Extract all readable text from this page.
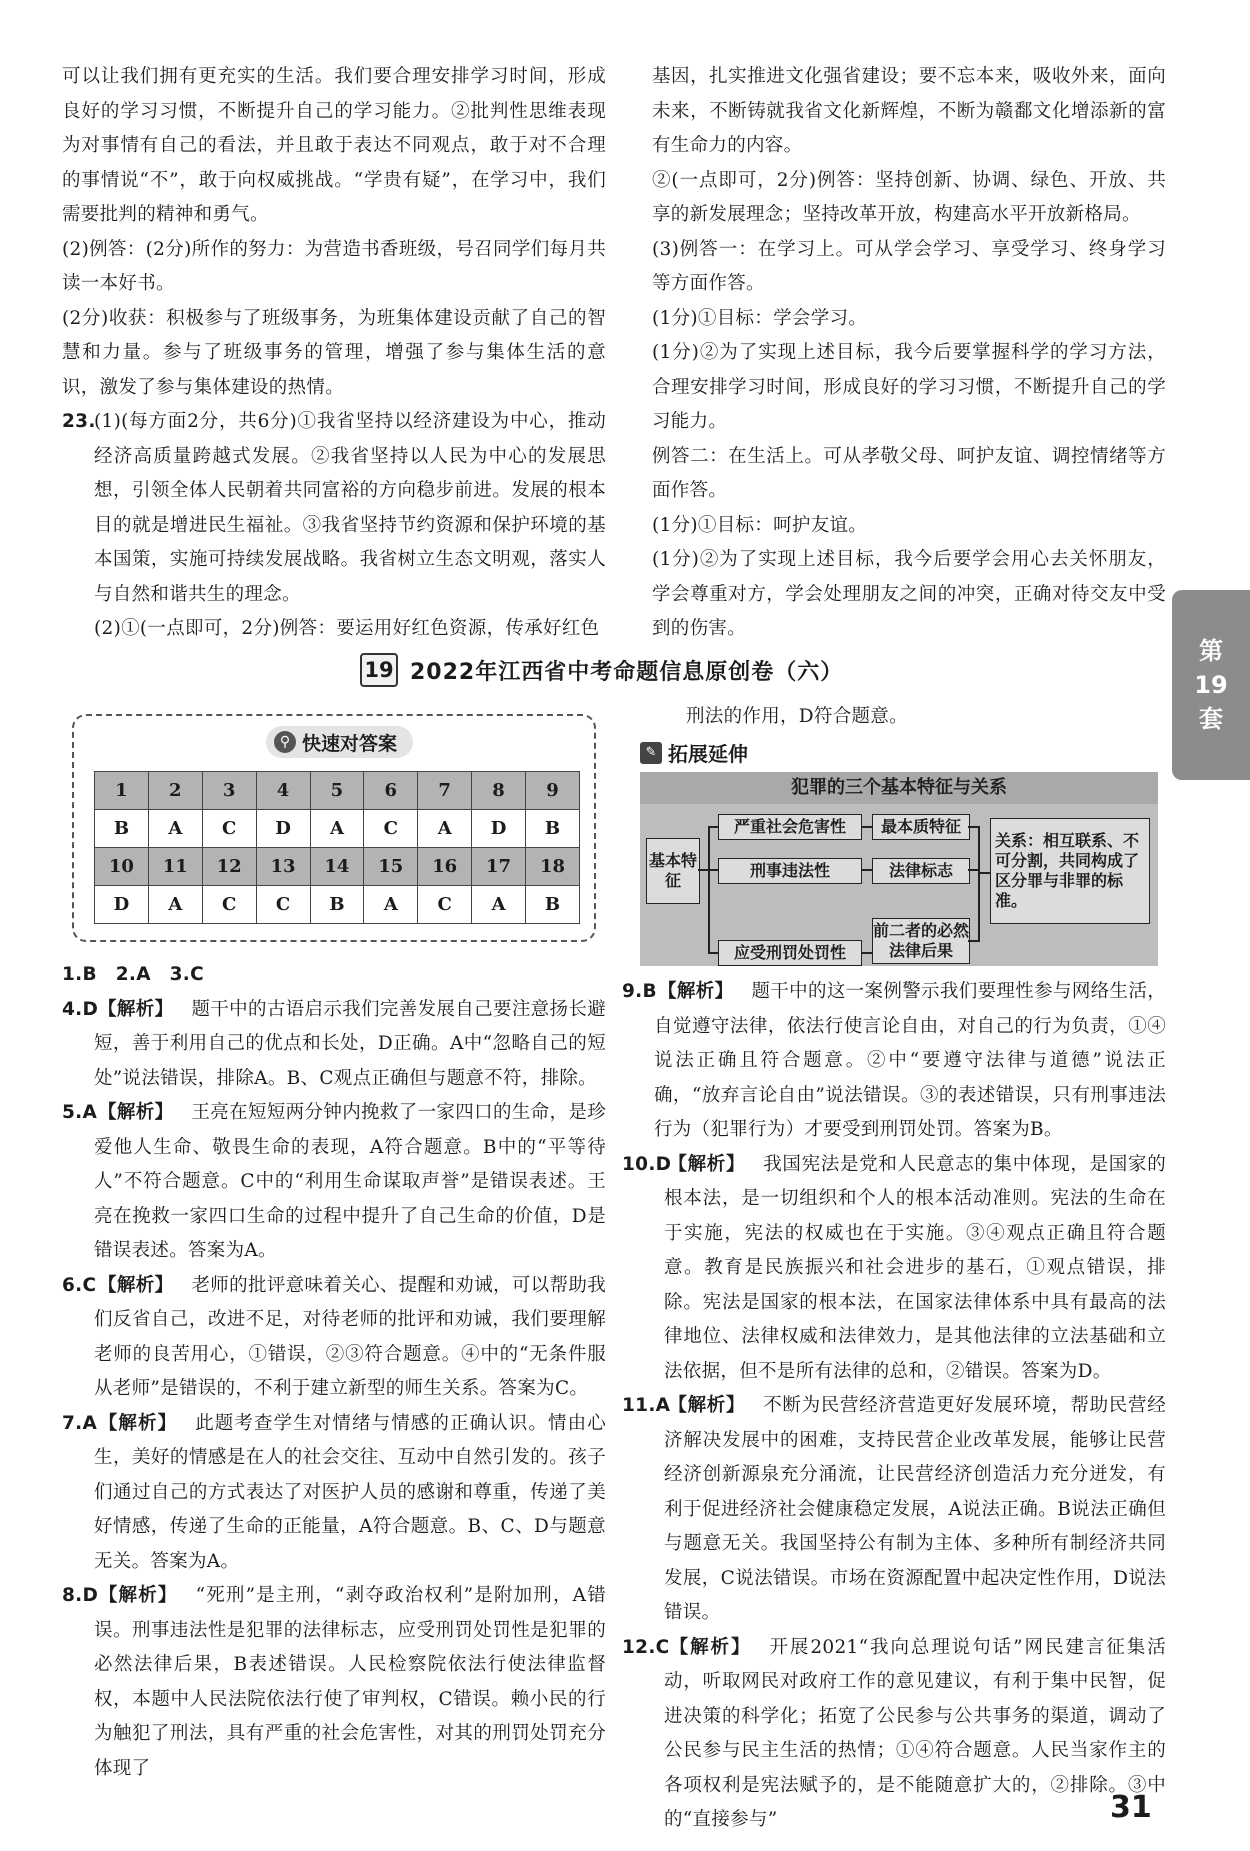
可以让我们拥有更充实的生活。我们要合理安排学习时间，形成良好的学习习惯，不断提升自己的学习能力。②批判性思维表现为对事情有自己的看法，并且敢于表达不同观点，敢于对不合理的事情说“不”，敢于向权威挑战。“学贵有疑”，在学习中，我们需要批判的精神和勇气。

(2)例答：(2分)所作的努力：为营造书香班级，号召同学们每月共读一本好书。

(2分)收获：积极参与了班级事务，为班集体建设贡献了自己的智慧和力量。参与了班级事务的管理，增强了参与集体生活的意识，激发了参与集体建设的热情。

23.(1)(每方面2分，共6分)①我省坚持以经济建设为中心，推动经济高质量跨越式发展。②我省坚持以人民为中心的发展思想，引领全体人民朝着共同富裕的方向稳步前进。发展的根本目的就是增进民生福祉。③我省坚持节约资源和保护环境的基本国策，实施可持续发展战略。我省树立生态文明观，落实人与自然和谐共生的理念。

(2)①(一点即可，2分)例答：要运用好红色资源，传承好红色

基因，扎实推进文化强省建设；要不忘本来，吸收外来，面向未来，不断铸就我省文化新辉煌，不断为赣鄱文化增添新的富有生命力的内容。

②(一点即可，2分)例答：坚持创新、协调、绿色、开放、共享的新发展理念；坚持改革开放，构建高水平开放新格局。

(3)例答一：在学习上。可从学会学习、享受学习、终身学习等方面作答。

(1分)①目标：学会学习。

(1分)②为了实现上述目标，我今后要掌握科学的学习方法，合理安排学习时间，形成良好的学习习惯，不断提升自己的学习能力。

例答二：在生活上。可从孝敬父母、呵护友谊、调控情绪等方面作答。

(1分)①目标：呵护友谊。

(1分)②为了实现上述目标，我今后要学会用心去关怀朋友，学会尊重对方，学会处理朋友之间的冲突，正确对待交友中受到的伤害。

19 2022年江西省中考命题信息原创卷（六）
第
19
套
⚲ 快速对答案
1	2	3	4	5	6	7	8	9
B	A	C	D	A	C	A	D	B
10	11	12	13	14	15	16	17	18
D	A	C	C	B	A	C	A	B

1.B　2.A　3.C

4.D【解析】 题干中的古语启示我们完善发展自己要注意扬长避短，善于利用自己的优点和长处，D正确。A中“忽略自己的短处”说法错误，排除A。B、C观点正确但与题意不符，排除。

5.A【解析】 王亮在短短两分钟内挽救了一家四口的生命，是珍爱他人生命、敬畏生命的表现，A符合题意。B中的“平等待人”不符合题意。C中的“利用生命谋取声誉”是错误表述。王亮在挽救一家四口生命的过程中提升了自己生命的价值，D是错误表述。答案为A。

6.C【解析】 老师的批评意味着关心、提醒和劝诫，可以帮助我们反省自己，改进不足，对待老师的批评和劝诫，我们要理解老师的良苦用心，①错误，②③符合题意。④中的“无条件服从老师”是错误的，不利于建立新型的师生关系。答案为C。

7.A【解析】 此题考查学生对情绪与情感的正确认识。情由心生，美好的情感是在人的社会交往、互动中自然引发的。孩子们通过自己的方式表达了对医护人员的感谢和尊重，传递了美好情感，传递了生命的正能量，A符合题意。B、C、D与题意无关。答案为A。

8.D【解析】 “死刑”是主刑，“剥夺政治权利”是附加刑，A错误。刑事违法性是犯罪的法律标志，应受刑罚处罚性是犯罪的必然法律后果，B表述错误。人民检察院依法行使法律监督权，本题中人民法院依法行使了审判权，C错误。赖小民的行为触犯了刑法，具有严重的社会危害性，对其的刑罚处罚充分体现了

刑法的作用，D符合题意。

✎ 拓展延伸
犯罪的三个基本特征与关系
基本特征
严重社会危害性
刑事违法性
应受刑罚处罚性
最本质特征
法律标志
前二者的必然法律后果
关系：相互联系、不可分割，共同构成了区分罪与非罪的标准。

9.B【解析】 题干中的这一案例警示我们要理性参与网络生活，自觉遵守法律，依法行使言论自由，对自己的行为负责，①④说法正确且符合题意。②中“要遵守法律与道德”说法正确，“放弃言论自由”说法错误。③的表述错误，只有刑事违法行为（犯罪行为）才要受到刑罚处罚。答案为B。

10.D【解析】 我国宪法是党和人民意志的集中体现，是国家的根本法，是一切组织和个人的根本活动准则。宪法的生命在于实施，宪法的权威也在于实施。③④观点正确且符合题意。教育是民族振兴和社会进步的基石，①观点错误，排除。宪法是国家的根本法，在国家法律体系中具有最高的法律地位、法律权威和法律效力，是其他法律的立法基础和立法依据，但不是所有法律的总和，②错误。答案为D。

11.A【解析】 不断为民营经济营造更好发展环境，帮助民营经济解决发展中的困难，支持民营企业改革发展，能够让民营经济创新源泉充分涌流，让民营经济创造活力充分迸发，有利于促进经济社会健康稳定发展，A说法正确。B说法正确但与题意无关。我国坚持公有制为主体、多种所有制经济共同发展，C说法错误。市场在资源配置中起决定性作用，D说法错误。

12.C【解析】 开展2021“我向总理说句话”网民建言征集活动，听取网民对政府工作的意见建议，有利于集中民智，促进决策的科学化；拓宽了公民参与公共事务的渠道，调动了公民参与民主生活的热情；①④符合题意。人民当家作主的各项权利是宪法赋予的，是不能随意扩大的，②排除。③中的“直接参与”	31
